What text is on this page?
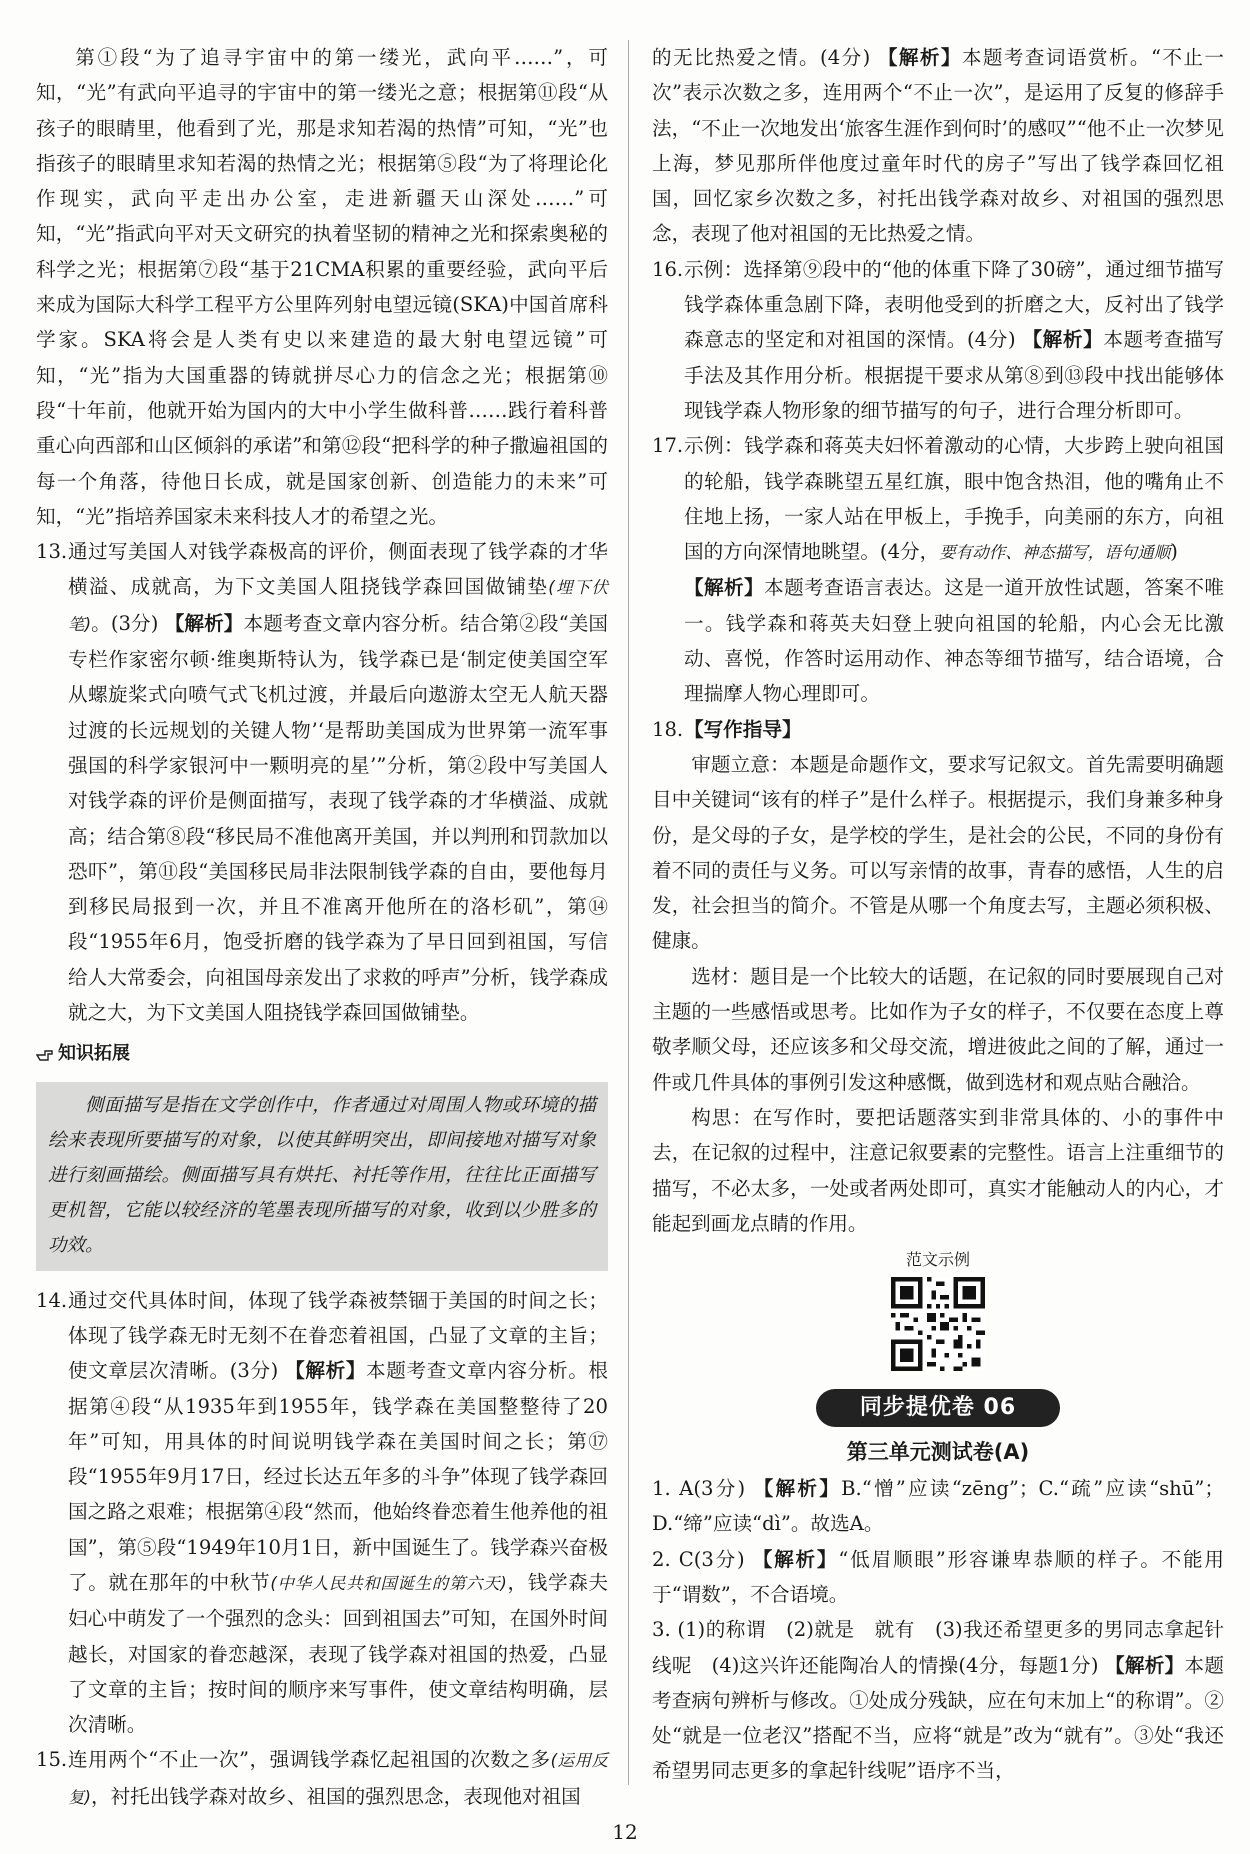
第①段“为了追寻宇宙中的第一缕光，武向平……”，可知，“光”有武向平追寻的宇宙中的第一缕光之意；根据第⑪段“从孩子的眼睛里，他看到了光，那是求知若渴的热情”可知，“光”也指孩子的眼睛里求知若渴的热情之光；根据第⑤段“为了将理论化作现实，武向平走出办公室，走进新疆天山深处……”可知，“光”指武向平对天文研究的执着坚韧的精神之光和探索奥秘的科学之光；根据第⑦段“基于21CMA积累的重要经验，武向平后来成为国际大科学工程平方公里阵列射电望远镜(SKA)中国首席科学家。SKA将会是人类有史以来建造的最大射电望远镜”可知，“光”指为大国重器的铸就拼尽心力的信念之光；根据第⑩段“十年前，他就开始为国内的大中小学生做科普……践行着科普重心向西部和山区倾斜的承诺”和第⑫段“把科学的种子撒遍祖国的每一个角落，待他日长成，就是国家创新、创造能力的未来”可知，“光”指培养国家未来科技人才的希望之光。

13. 通过写美国人对钱学森极高的评价，侧面表现了钱学森的才华横溢、成就高，为下文美国人阻挠钱学森回国做铺垫(埋下伏笔)。(3分) 【解析】本题考查文章内容分析。结合第②段“美国专栏作家密尔顿·维奥斯特认为，钱学森已是‘制定使美国空军从螺旋桨式向喷气式飞机过渡，并最后向遨游太空无人航天器过渡的长远规划的关键人物’‘是帮助美国成为世界第一流军事强国的科学家银河中一颗明亮的星’”分析，第②段中写美国人对钱学森的评价是侧面描写，表现了钱学森的才华横溢、成就高；结合第⑧段“移民局不准他离开美国，并以判刑和罚款加以恐吓”，第⑪段“美国移民局非法限制钱学森的自由，要他每月到移民局报到一次，并且不准离开他所在的洛杉矶”，第⑭段“1955年6月，饱受折磨的钱学森为了早日回到祖国，写信给人大常委会，向祖国母亲发出了求救的呼声”分析，钱学森成就之大，为下文美国人阻挠钱学森回国做铺垫。
知识拓展
侧面描写是指在文学创作中，作者通过对周围人物或环境的描绘来表现所要描写的对象，以使其鲜明突出，即间接地对描写对象进行刻画描绘。侧面描写具有烘托、衬托等作用，往往比正面描写更机智，它能以较经济的笔墨表现所描写的对象，收到以少胜多的功效。
14. 通过交代具体时间，体现了钱学森被禁锢于美国的时间之长；体现了钱学森无时无刻不在眷恋着祖国，凸显了文章的主旨；使文章层次清晰。(3分) 【解析】本题考查文章内容分析。根据第④段“从1935年到1955年，钱学森在美国整整待了20年”可知，用具体的时间说明钱学森在美国时间之长；第⑰段“1955年9月17日，经过长达五年多的斗争”体现了钱学森回国之路之艰难；根据第④段“然而，他始终眷恋着生他养他的祖国”，第⑤段“1949年10月1日，新中国诞生了。钱学森兴奋极了。就在那年的中秋节(中华人民共和国诞生的第六天)，钱学森夫妇心中萌发了一个强烈的念头：回到祖国去”可知，在国外时间越长，对国家的眷恋越深，表现了钱学森对祖国的热爱，凸显了文章的主旨；按时间的顺序来写事件，使文章结构明确，层次清晰。
15. 连用两个“不止一次”，强调钱学森忆起祖国的次数之多(运用反复)，衬托出钱学森对故乡、祖国的强烈思念，表现他对祖国

的无比热爱之情。(4分) 【解析】本题考查词语赏析。“不止一次”表示次数之多，连用两个“不止一次”，是运用了反复的修辞手法，“不止一次地发出‘旅客生涯作到何时’的感叹”“他不止一次梦见上海，梦见那所伴他度过童年时代的房子”写出了钱学森回忆祖国，回忆家乡次数之多，衬托出钱学森对故乡、对祖国的强烈思念，表现了他对祖国的无比热爱之情。

16. 示例：选择第⑨段中的“他的体重下降了30磅”，通过细节描写钱学森体重急剧下降，表明他受到的折磨之大，反衬出了钱学森意志的坚定和对祖国的深情。(4分) 【解析】本题考查描写手法及其作用分析。根据提干要求从第⑧到⑬段中找出能够体现钱学森人物形象的细节描写的句子，进行合理分析即可。
17. 示例：钱学森和蒋英夫妇怀着激动的心情，大步跨上驶向祖国的轮船，钱学森眺望五星红旗，眼中饱含热泪，他的嘴角止不住地上扬，一家人站在甲板上，手挽手，向美丽的东方，向祖国的方向深情地眺望。(4分，要有动作、神态描写，语句通顺)
【解析】本题考查语言表达。这是一道开放性试题，答案不唯一。钱学森和蒋英夫妇登上驶向祖国的轮船，内心会无比激动、喜悦，作答时运用动作、神态等细节描写，结合语境，合理揣摩人物心理即可。
18. 【写作指导】

审题立意：本题是命题作文，要求写记叙文。首先需要明确题目中关键词“该有的样子”是什么样子。根据提示，我们身兼多种身份，是父母的子女，是学校的学生，是社会的公民，不同的身份有着不同的责任与义务。可以写亲情的故事，青春的感悟，人生的启发，社会担当的简介。不管是从哪一个角度去写，主题必须积极、健康。

选材：题目是一个比较大的话题，在记叙的同时要展现自己对主题的一些感悟或思考。比如作为子女的样子，不仅要在态度上尊敬孝顺父母，还应该多和父母交流，增进彼此之间的了解，通过一件或几件具体的事例引发这种感慨，做到选材和观点贴合融洽。

构思：在写作时，要把话题落实到非常具体的、小的事件中去，在记叙的过程中，注意记叙要素的完整性。语言上注重细节的描写，不必太多，一处或者两处即可，真实才能触动人的内心，才能起到画龙点睛的作用。

范文示例
同步提优卷 06
第三单元测试卷(A)

1. A(3分) 【解析】B.“憎”应读“zēng”；C.“疏”应读“shū”；D.“缔”应读“dì”。故选A。

2. C(3分) 【解析】“低眉顺眼”形容谦卑恭顺的样子。不能用于“谓数”，不合语境。

3. (1)的称谓　(2)就是　就有　(3)我还希望更多的男同志拿起针线呢　(4)这兴许还能陶冶人的情操(4分，每题1分) 【解析】本题考查病句辨析与修改。①处成分残缺，应在句末加上“的称谓”。②处“就是一位老汉”搭配不当，应将“就是”改为“就有”。③处“我还希望男同志更多的拿起针线呢”语序不当，

12
